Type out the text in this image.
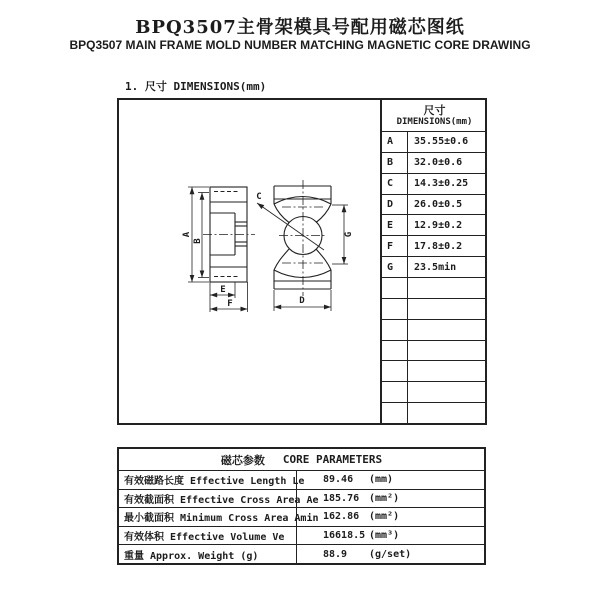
BPQ3507主骨架模具号配用磁芯图纸
BPQ3507 MAIN FRAME MOLD NUMBER MATCHING MAGNETIC CORE DRAWING
1. 尺寸 DIMENSIONS(mm)
A
B
E
F
C
G
D
尺寸
DIMENSIONS(mm)
A	35.55±0.6
B	32.0±0.6
C	14.3±0.25
D	26.0±0.5
E	12.9±0.2
F	17.8±0.2
G	23.5min
磁芯参数 CORE PARAMETERS
有效磁路长度 Effective Length Le 89.46	(mm)
有效截面积 Effective Cross Area Ae 185.76 (mm²)
最小截面积 Minimum Cross Area Amin 162.86 (mm²)
有效体积 Effective Volume Ve	16618.5 (mm³)
重量 Approx. Weight (g)	88.9	(g/set)
